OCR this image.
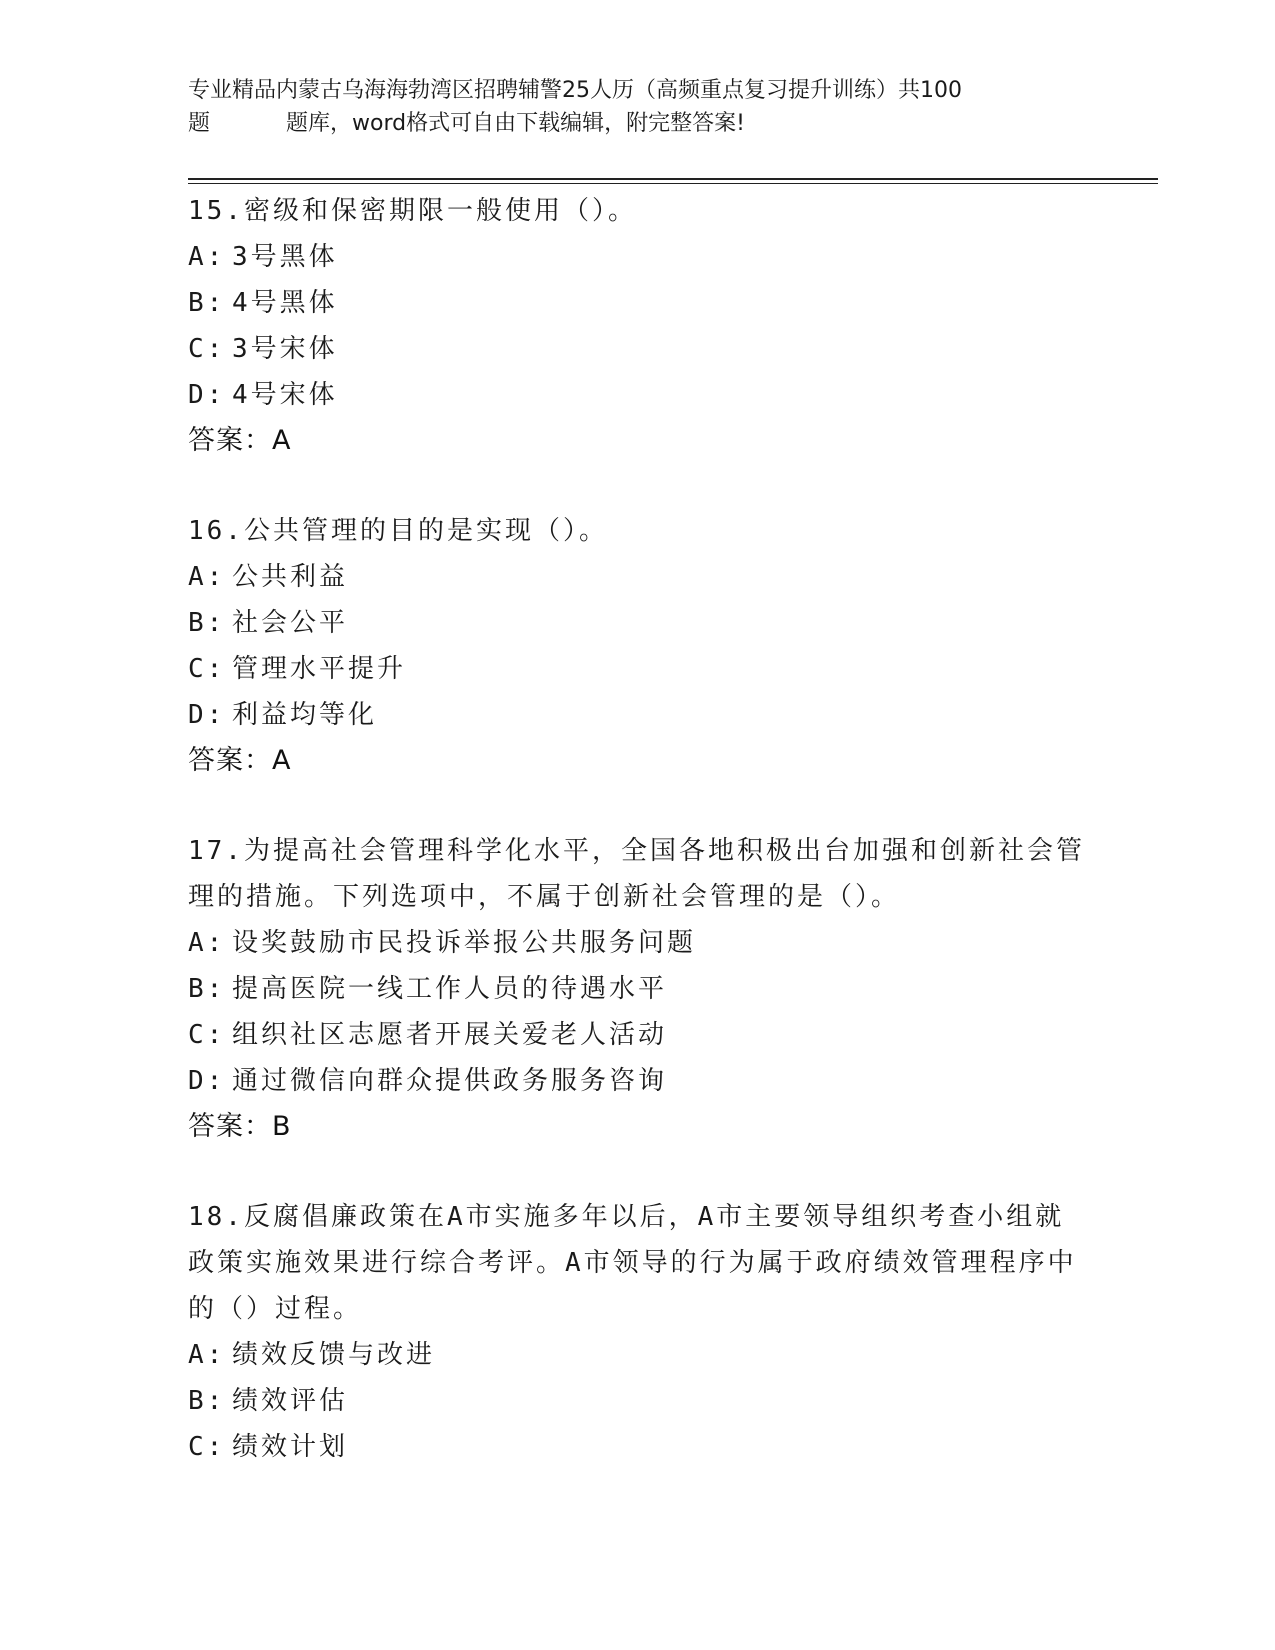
专业精品内蒙古乌海海勃湾区招聘辅警25人历（高频重点复习提升训练）共100
题	题库，word格式可自由下载编辑，附完整答案!
15.密级和保密期限一般使用（）。
A: 3号黑体
B: 4号黑体
C: 3号宋体
D: 4号宋体
答案：A
16.公共管理的目的是实现（）。
A: 公共利益
B: 社会公平
C: 管理水平提升
D: 利益均等化
答案：A
17.为提高社会管理科学化水平，全国各地积极出台加强和创新社会管理的措施。下列选项中，不属于创新社会管理的是（）。
A: 设奖鼓励市民投诉举报公共服务问题
B: 提高医院一线工作人员的待遇水平
C: 组织社区志愿者开展关爱老人活动
D: 通过微信向群众提供政务服务咨询
答案：B
18.反腐倡廉政策在A市实施多年以后，A市主要领导组织考查小组就政策实施效果进行综合考评。A市领导的行为属于政府绩效管理程序中的（）过程。
A: 绩效反馈与改进
B: 绩效评估
C: 绩效计划
